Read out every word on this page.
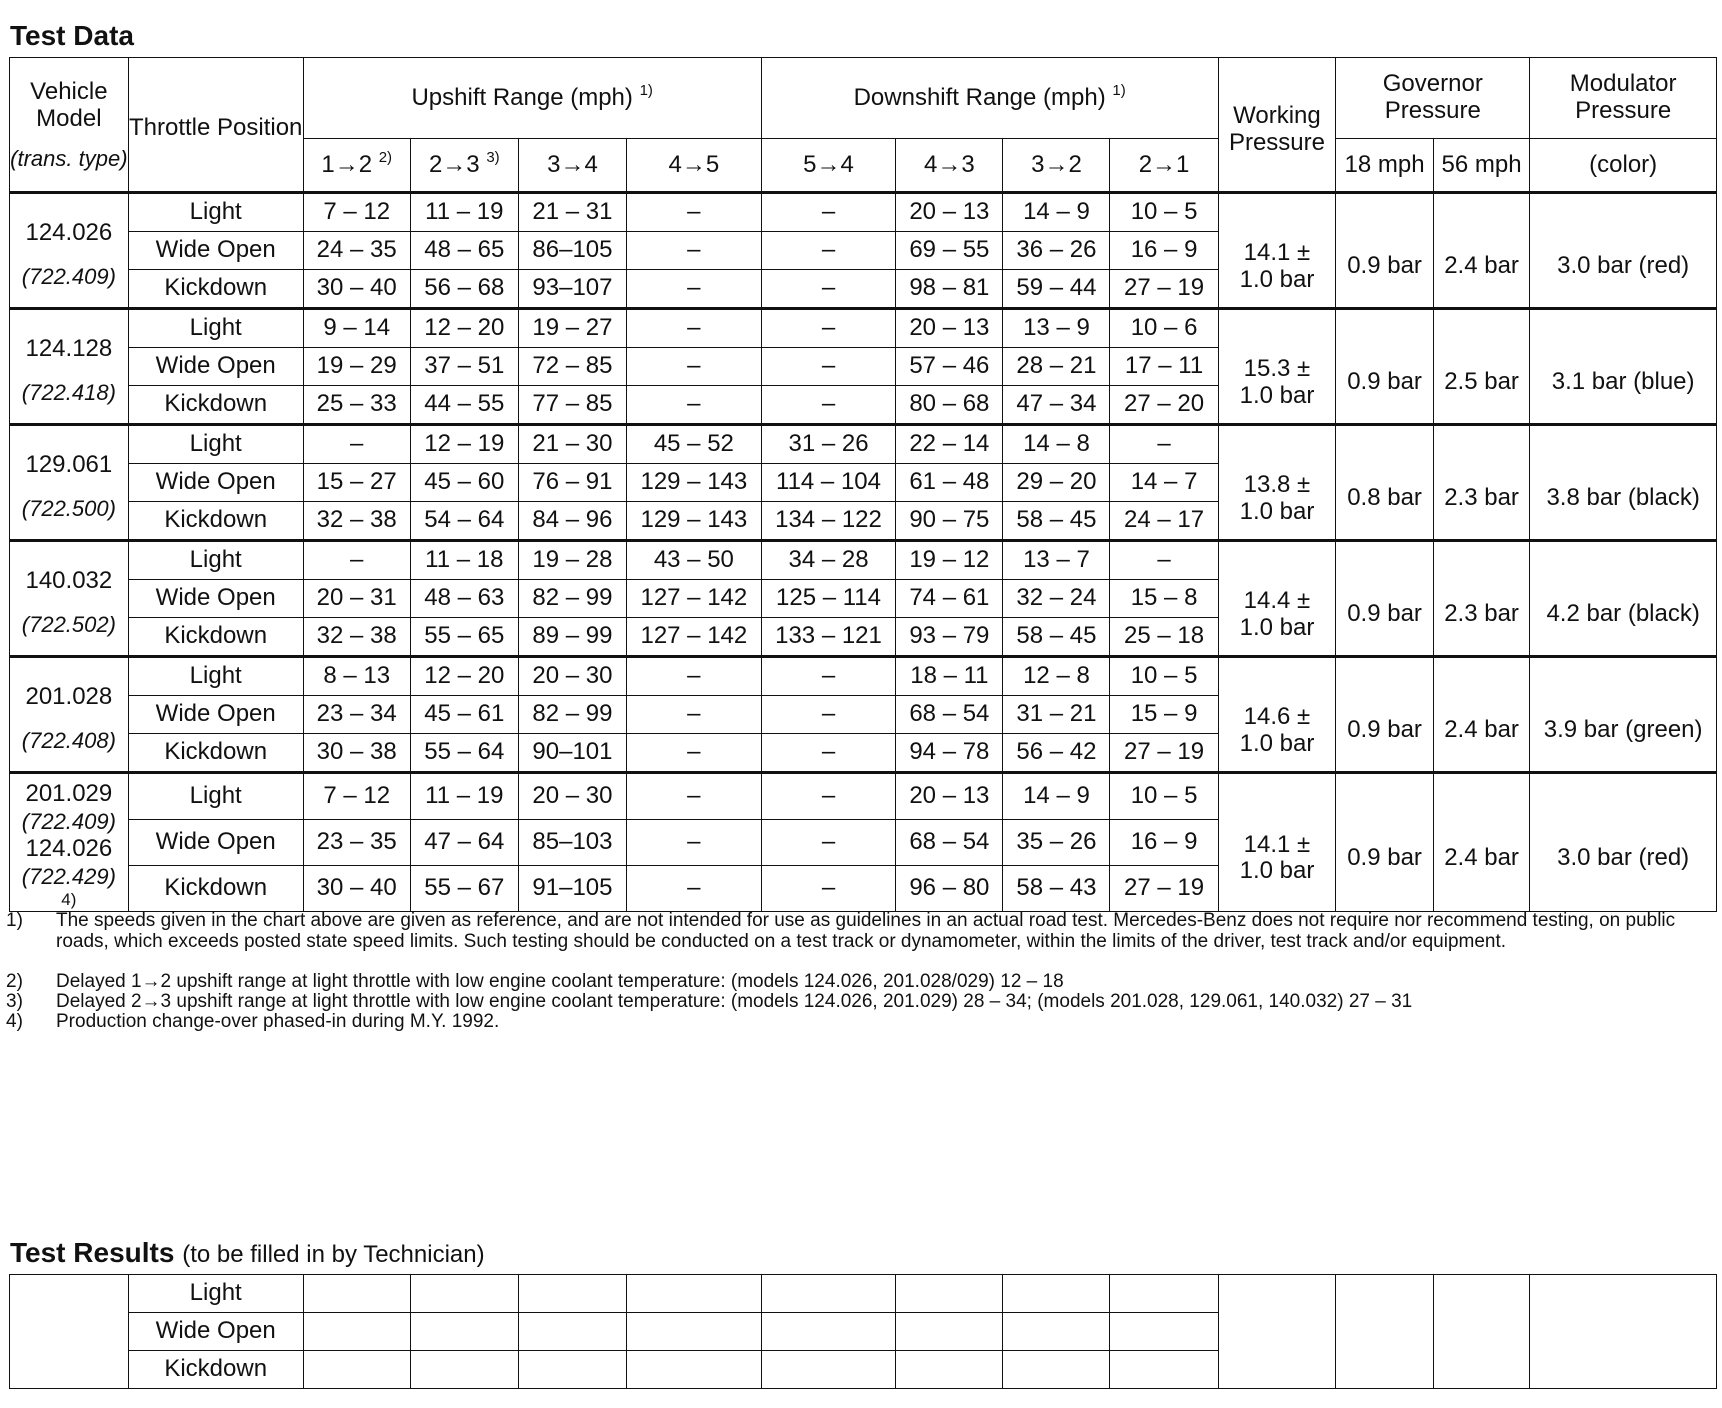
Test Data
Vehicle Model
(trans. type)	Throttle Position	Upshift Range (mph) $^{1)}$				Downshift Range (mph) $^{1)}$				Working Pressure	Governor Pressure		Modulator Pressure
		1→2 $^{2)}$	2→3 $^{3)}$	3→4	4→5	5→4	4→3	3→2	2→1		18 mph	56 mph	(color)

124.026
(722.409)	Light	7 – 12	11 – 19	21 – 31	–	–	20 – 13	14 – 9	10 – 5	14.1 ± 1.0 bar	0.9 bar	2.4 bar	3.0 bar (red)

	Wide Open	24 – 35	48 – 65	86–105	–	–	69 – 55	36 – 26	16 – 9				
	Kickdown	30 – 40	56 – 68	93–107	–	–	98 – 81	59 – 44	27 – 19				

124.128
(722.418)	Light	9 – 14	12 – 20	19 – 27	–	–	20 – 13	13 – 9	10 – 6	15.3 ± 1.0 bar	0.9 bar	2.5 bar	3.1 bar (blue)

	Wide Open	19 – 29	37 – 51	72 – 85	–	–	57 – 46	28 – 21	17 – 11				
	Kickdown	25 – 33	44 – 55	77 – 85	–	–	80 – 68	47 – 34	27 – 20				

129.061
(722.500)	Light	–	12 – 19	21 – 30	45 – 52	31 – 26	22 – 14	14 – 8	–	13.8 ± 1.0 bar	0.8 bar	2.3 bar	3.8 bar (black)

	Wide Open	15 – 27	45 – 60	76 – 91	129 – 143	114 – 104	61 – 48	29 – 20	14 – 7				
	Kickdown	32 – 38	54 – 64	84 – 96	129 – 143	134 – 122	90 – 75	58 – 45	24 – 17				

140.032
(722.502)	Light	–	11 – 18	19 – 28	43 – 50	34 – 28	19 – 12	13 – 7	–	14.4 ± 1.0 bar	0.9 bar	2.3 bar	4.2 bar (black)

	Wide Open	20 – 31	48 – 63	82 – 99	127 – 142	125 – 114	74 – 61	32 – 24	15 – 8				
	Kickdown	32 – 38	55 – 65	89 – 99	127 – 142	133 – 121	93 – 79	58 – 45	25 – 18				

201.028
(722.408)	Light	8 – 13	12 – 20	20 – 30	–	–	18 – 11	12 – 8	10 – 5	14.6 ± 1.0 bar	0.9 bar	2.4 bar	3.9 bar (green)

	Wide Open	23 – 34	45 – 61	82 – 99	–	–	68 – 54	31 – 21	15 – 9				
	Kickdown	30 – 38	55 – 64	90–101	–	–	94 – 78	56 – 42	27 – 19				

201.029
(722.409)
124.026
(722.429)
4)	Light	7 – 12	11 – 19	20 – 30	–	–	20 – 13	14 – 9	10 – 5	14.1 ± 1.0 bar	0.9 bar	2.4 bar	3.0 bar (red)

	Wide Open	23 – 35	47 – 64	85–103	–	–	68 – 54	35 – 26	16 – 9				
	Kickdown	30 – 40	55 – 67	91–105	–	–	96 – 80	58 – 43	27 – 19				
1) The speeds given in the chart above are given as reference, and are not intended for use as guidelines in an actual road test. Mercedes-Benz does not require nor recommend testing, on public roads, which exceeds posted state speed limits. Such testing should be conducted on a test track or dynamometer, within the limits of the driver, test track and/or equipment.
2) Delayed 1→2 upshift range at light throttle with low engine coolant temperature: (models 124.026, 201.028/029) 12 – 18
3) Delayed 2→3 upshift range at light throttle with low engine coolant temperature: (models 124.026, 201.029) 28 – 34; (models 201.028, 129.061, 140.032) 27 – 31
4) Production change-over phased-in during M.Y. 1992.
Test Results (to be filled in by Technician)
	Light												
	Wide Open												
	Kickdown												
